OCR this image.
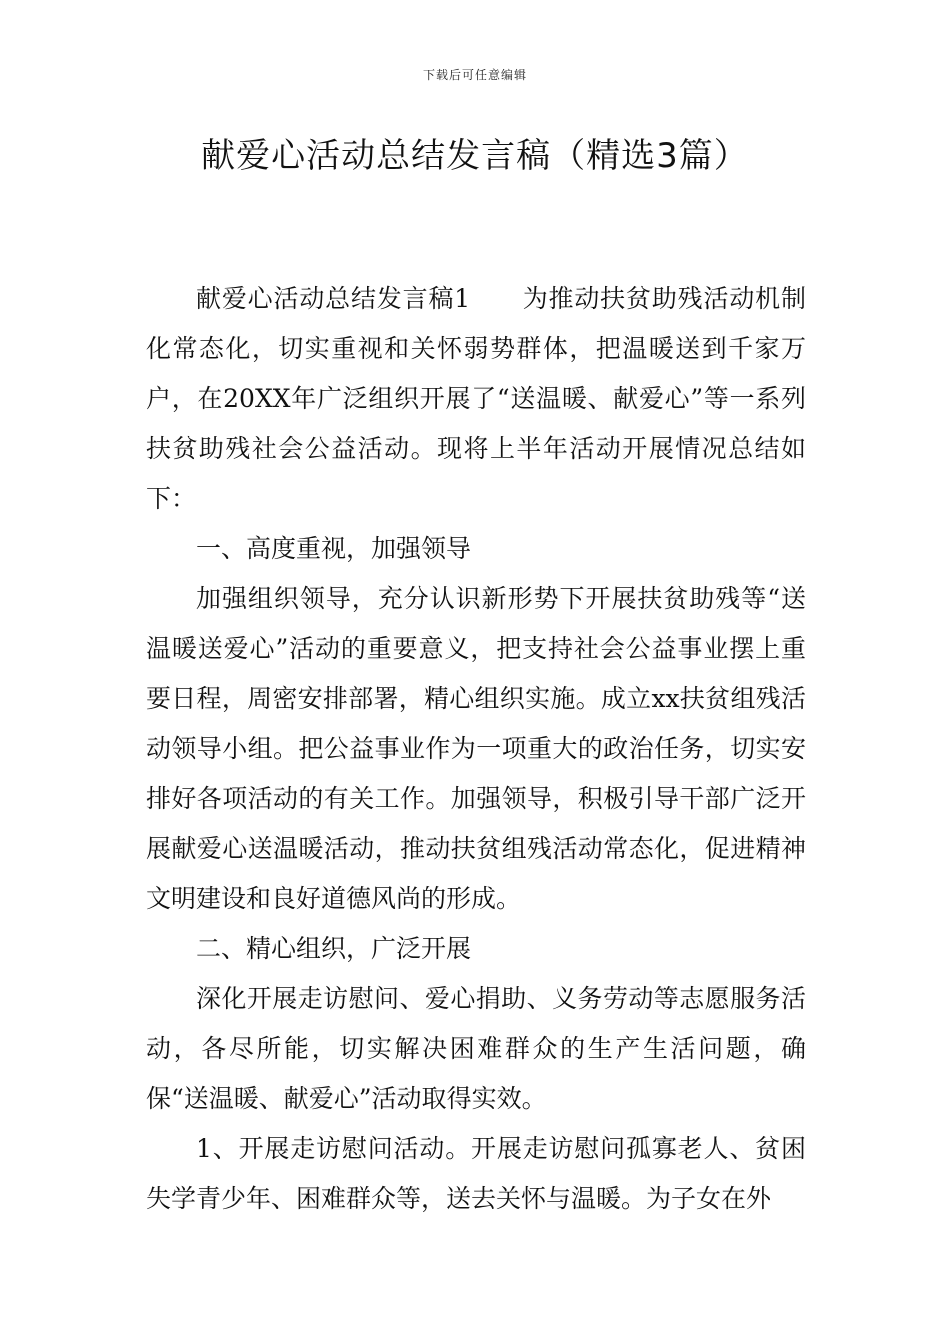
下载后可任意编辑
献爱心活动总结发言稿（精选3篇）

献爱心活动总结发言稿1　　为推动扶贫助残活动机制化常态化，切实重视和关怀弱势群体，把温暖送到千家万户，在20XX年广泛组织开展了“送温暖、献爱心”等一系列扶贫助残社会公益活动。现将上半年活动开展情况总结如下：

一、高度重视，加强领导

加强组织领导，充分认识新形势下开展扶贫助残等“送温暖送爱心”活动的重要意义，把支持社会公益事业摆上重要日程，周密安排部署，精心组织实施。成立xx扶贫组残活动领导小组。把公益事业作为一项重大的政治任务，切实安排好各项活动的有关工作。加强领导，积极引导干部广泛开展献爱心送温暖活动，推动扶贫组残活动常态化，促进精神文明建设和良好道德风尚的形成。

二、精心组织，广泛开展

深化开展走访慰问、爱心捐助、义务劳动等志愿服务活动，各尽所能，切实解决困难群众的生产生活问题，确保“送温暖、献爱心”活动取得实效。

1、开展走访慰问活动。开展走访慰问孤寡老人、贫困失学青少年、困难群众等，送去关怀与温暖。为子女在外
